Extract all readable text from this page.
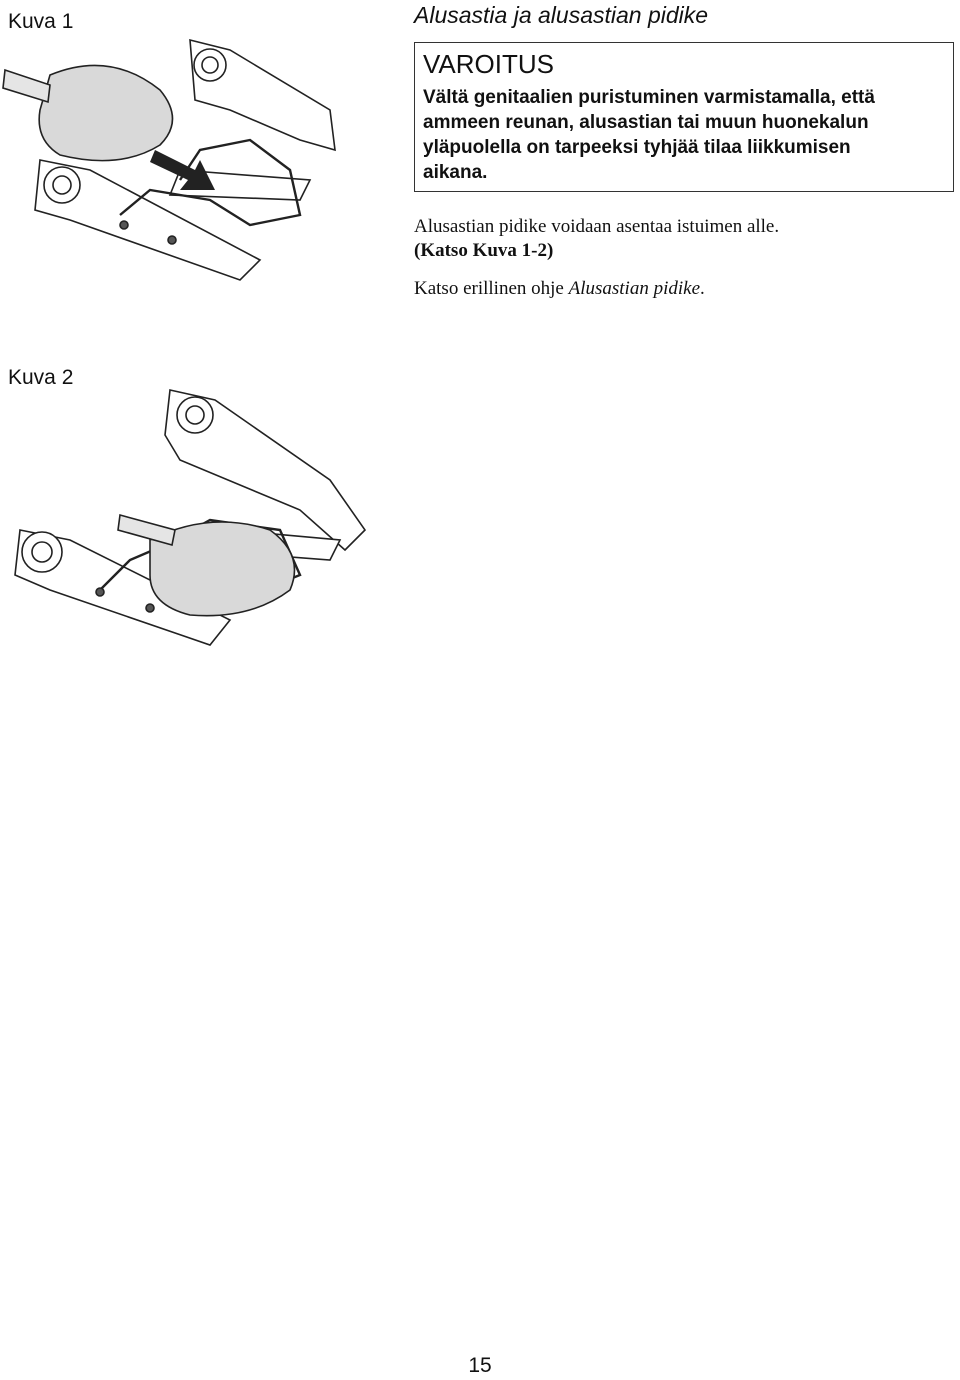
Kuva 1
Kuva 2
Alusastia ja alusastian pidike
VAROITUS
Vältä genitaalien puristuminen varmistamalla, että
ammeen reunan, alusastian tai muun huonekalun
yläpuolella on tarpeeksi tyhjää tilaa liikkumisen
aikana.
Alusastian pidike voidaan asentaa istuimen alle.
(Katso Kuva 1-2)
Katso erillinen ohje Alusastian pidike.
15
